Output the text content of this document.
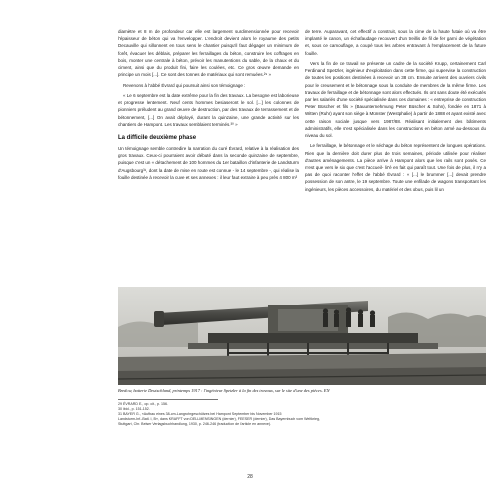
diamètre et 8 m de profondeur car elle est largement surdimensionnée pour recevoir l'épaisseur de béton qui va l'envelopper. L'endroit devient alors le royaume des petits Decauville qui sillonnent en tous sens le chantier puisqu'il faut dégager un minimum de forêt, évacuer les déblais, préparer les ferraillages du béton, construire les coffrages en bois, monter une centrale à béton, prévoir les manutentions du sable, de la chaux et du ciment, ainsi que du produit fini, faire les coulées, etc. Ce gros œuvre demande en principe un mois [...]. Ce sont des tonnes de matériaux qui sont remuées.²⁹ »

Revenons à l'abbé Évrard qui poursuit ainsi son témoignage :

« Le 6 septembre est la date extrême pour la fin des travaux. La besogne est laborieuse et progresse lentement. Neuf cents hommes besiaseront le sol. [...] les colonnes de pionniers préludent au grand œuvre de destruction, par des travaux de terrassement et de bétonnement, [...] On avait déployé, durant la quinzaine, une grande activité sur les chantiers de Hampont. Les travaux semblaient terminés.³⁰ »

La difficile deuxième phase

Un témoignage semble contredire la narration du curé Évrard, relative à la réalisation des gros travaux. Ceux-ci pourraient avoir débuté dans la seconde quinzaine de septembre, puisque c'est un « détachement de 100 hommes du 1er bataillon d'infanterie de Landsturm d'Augsbourg³¹, dont la date de mise en route est connue - le 14 septembre -, qui réalise la fouille destinée à recevoir la cuve et ses annexes : il leur faut extraire à peu près 4 800 m³

de terre. Auparavant, cet effectif a construit, sous la cime de la haute futaie où va être implanté le canon, un échafaudage recouvert d'un treillis de fil de fer garni de végétation et, sous ce camouflage, a coupé tous les arbres entravant à l'emplacement de la future fouille.

Vers la fin de ce travail se présente un cadre de la société Krupp, certainement Carl Ferdinand Spetzler, ingénieur d'exploitation dans cette firme, qui supervise la construction de toutes les positions destinées à recevoir un 38 cm. Ensuite arrivent des ouvriers civils pour le creusement et le bétonnage sous la conduite de membres de la même firme. Les travaux de ferraillage et de bétonnage sont alors effectués. Ils ont sans doute été exécutés par les salariés d'une société spécialisée dans ces domaines : « entreprise de construction Peter Büscher et fils » (Bauunternehmung Peter Büscher & Sohn), fondée en 1871 à Witten (Ruhr) ayant son siège à Münster (Westphalie) à partir de 1888 et ayant existé avec cette raison sociale jusque vers 1987/88. Réalisant initialement des bâtiments administratifs, elle s'est spécialisée dans les constructions en béton armé au-dessous du niveau du sol.

Le ferraillage, le bétonnage et le séchage du béton représentent de longues opérations. Rien que la dernière doit durer plus de trois semaines, période utilisée pour réaliser d'autres aménagements. La pièce arrive à Hampont alors que les rails sont posés. Ce n'est que vers le six que c'est l'accueil- lir'é en fait qui paraît tout. Une fois de plus, il n'y a pas de quoi raconter l'effet de l'abbé Évrard : « [...] le brummer [...] devait prendre possession de son antre, le 19 septembre. Toute une enfilade de wagons transportant les ingénieurs, les pièces accessoires, du matériel et des obus, puis lil un

Bredow, batterie Deutschland, printemps 1917 : l'ingénieur Spetzler à la fin des travaux, sur le site d'une des pièces. EN
29 ÉVRARD E., op. cit., p. 156.
30 ibid., p. 151-152.
31 BAYER G., «Aufbau eines 38-cm-Langrohrgeschützes bei Hampont September bis November 1915
Landsturm-Inf.-Batl. I, B», dans KRAFFT von DELLMENSINGEN (dernier), FEESER (dernier), Das Bayernbuch vom Weltkrieg,
Stuttgart, Chr. Belser Verlagsbuchhandlung, 1930, p. 246-246 (traduction de l'article en annexe).
28
